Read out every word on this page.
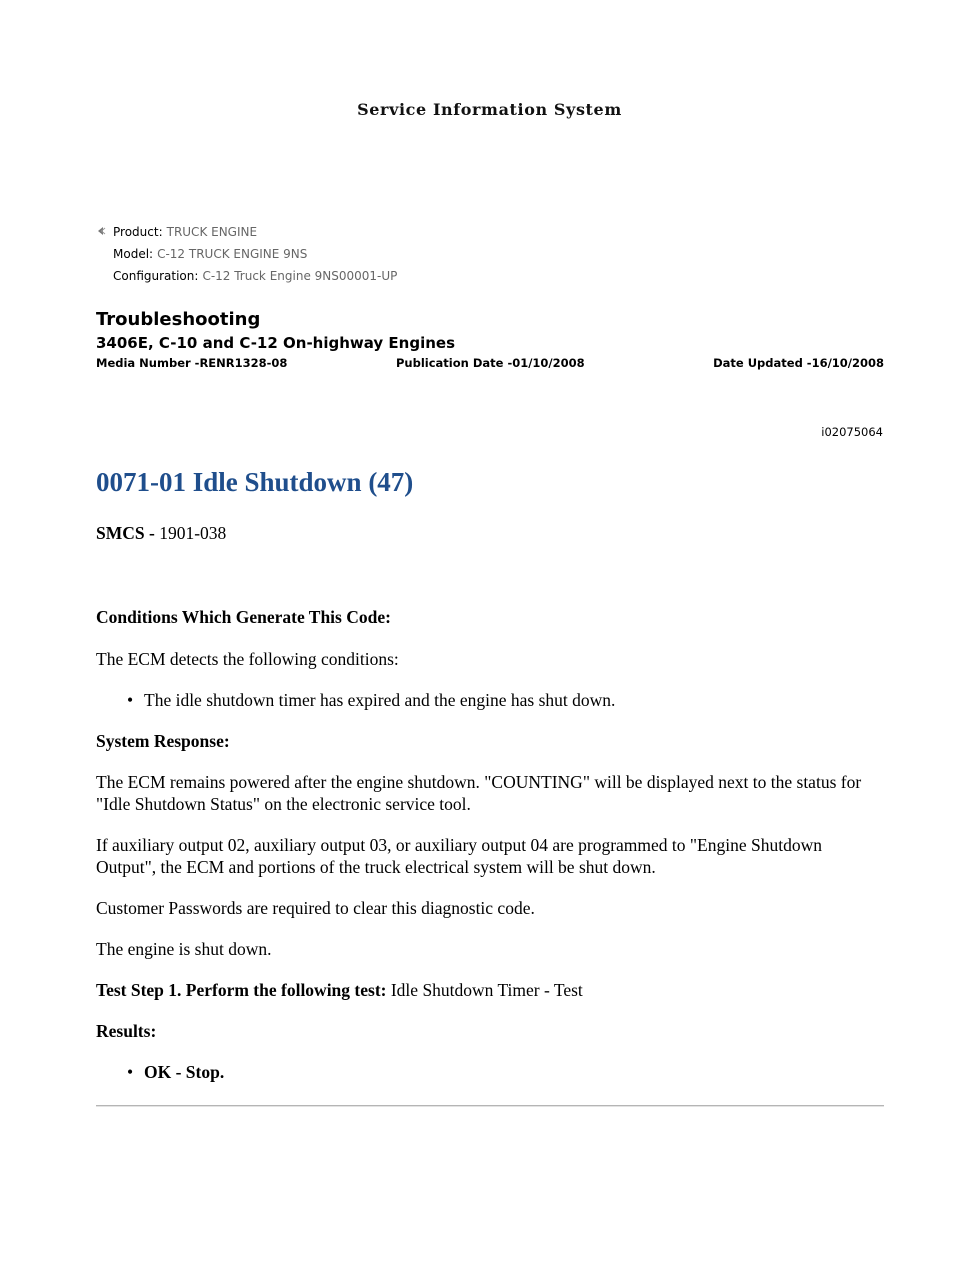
Service Information System
Product: TRUCK ENGINE
Model: C-12 TRUCK ENGINE 9NS
Configuration: C-12 Truck Engine 9NS00001-UP
Troubleshooting
3406E, C-10 and C-12 On-highway Engines
Media Number -RENR1328-08	Publication Date -01/10/2008	Date Updated -16/10/2008
i02075064
0071-01 Idle Shutdown (47)
SMCS - 1901-038

Conditions Which Generate This Code:

The ECM detects the following conditions:

• The idle shutdown timer has expired and the engine has shut down.

System Response:

The ECM remains powered after the engine shutdown. "COUNTING" will be displayed next to the status for "Idle Shutdown Status" on the electronic service tool.

If auxiliary output 02, auxiliary output 03, or auxiliary output 04 are programmed to "Engine Shutdown Output", the ECM and portions of the truck electrical system will be shut down.

Customer Passwords are required to clear this diagnostic code.

The engine is shut down.

Test Step 1. Perform the following test: Idle Shutdown Timer - Test

Results:

• OK - Stop.
